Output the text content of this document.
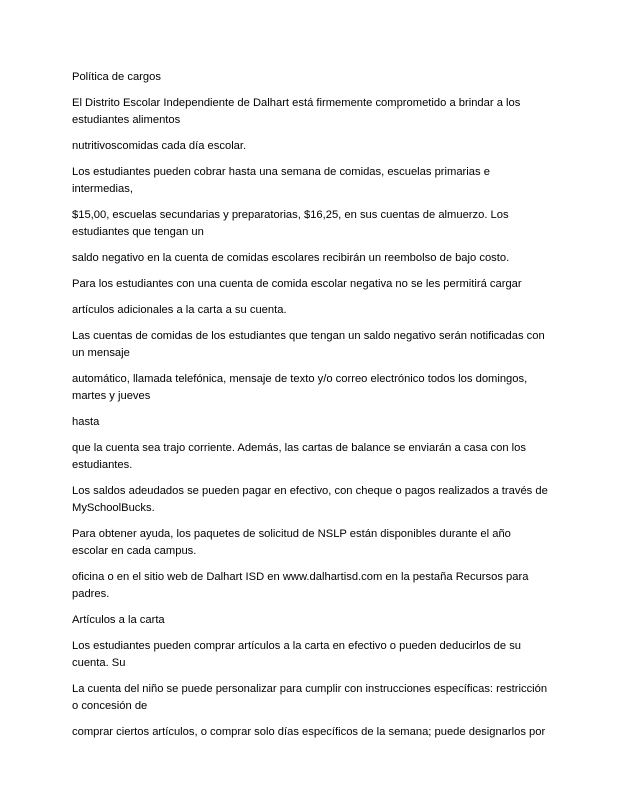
Política de cargos

El Distrito Escolar Independiente de Dalhart está firmemente comprometido a brindar a los estudiantes alimentos

nutritivoscomidas cada día escolar.

Los estudiantes pueden cobrar hasta una semana de comidas, escuelas primarias e intermedias,

$15,00, escuelas secundarias y preparatorias, $16,25, en sus cuentas de almuerzo. Los estudiantes que tengan un

saldo negativo en la cuenta de comidas escolares recibirán un reembolso de bajo costo.

Para los estudiantes con una cuenta de comida escolar negativa no se les permitirá cargar

artículos adicionales a la carta a su cuenta.

Las cuentas de comidas de los estudiantes que tengan un saldo negativo serán notificadas con un mensaje

automático, llamada telefónica, mensaje de texto y/o correo electrónico todos los domingos, martes y jueves

hasta

que la cuenta sea trajo corriente. Además, las cartas de balance se enviarán a casa con los estudiantes.

Los saldos adeudados se pueden pagar en efectivo, con cheque o pagos realizados a través de MySchoolBucks.

Para obtener ayuda, los paquetes de solicitud de NSLP están disponibles durante el año escolar en cada campus.

oficina o en el sitio web de Dalhart ISD en www.dalhartisd.com en la pestaña Recursos para padres.

Artículos a la carta

Los estudiantes pueden comprar artículos a la carta en efectivo o pueden deducirlos de su cuenta. Su

La cuenta del niño se puede personalizar para cumplir con instrucciones específicas: restricción o concesión de

comprar ciertos artículos, o comprar solo días específicos de la semana; puede designarlos por
